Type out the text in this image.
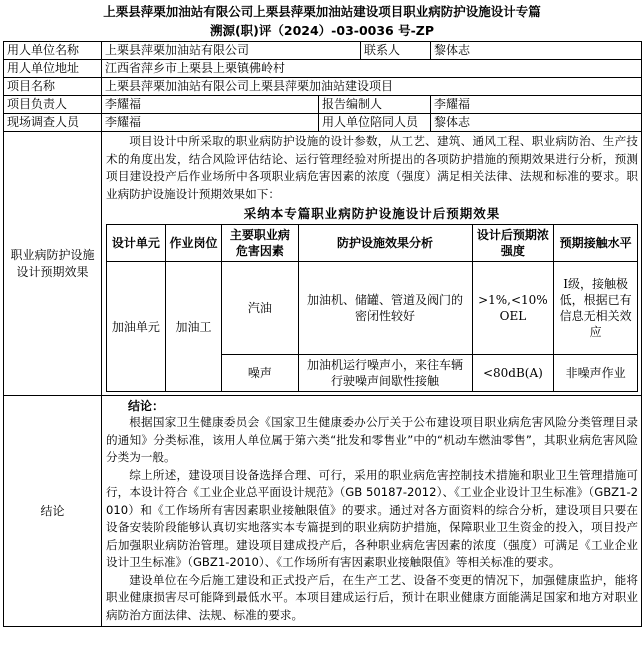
上栗县萍栗加油站有限公司上栗县萍栗加油站建设项目职业病防护设施设计专篇
溯源(职)评（2024）-03-0036 号-ZP
用人单位名称	上栗县萍栗加油站有限公司	联系人	黎体志
用人单位地址	江西省萍乡市上栗县上栗镇佛岭村
项目名称	上栗县萍栗加油站有限公司上栗县萍栗加油站建设项目
项目负责人	李耀福	报告编制人	李耀福
现场调查人员	李耀福	用人单位陪同人员	黎体志
职业病防护设施设计预期效果	

项目设计中所采取的职业病防护设施的设计参数，从工艺、建筑、通风工程、职业病防治、生产技术的角度出发，结合风险评估结论、运行管理经验对所提出的各项防护措施的预期效果进行分析，预测项目建设投产后作业场所中各项职业病危害因素的浓度（强度）满足相关法律、法规和标准的要求。职业病防护设施设计预期效果如下：

采纳本专篇职业病防护设施设计后预期效果
设计单元	作业岗位	主要职业病危害因素	防护设施效果分析	设计后预期浓强度	预期接触水平
加油单元	加油工	汽油	加油机、储罐、管道及阀门的密闭性较好	>1%,<10%OEL	I级，接触极低，根据已有信息无相关效应
噪声	加油机运行噪声小，来往车辆行驶噪声间歇性接触	<80dB(A)	非噪声作业

结论	
结论：

根据国家卫生健康委员会《国家卫生健康委办公厅关于公布建设项目职业病危害风险分类管理目录的通知》分类标准，该用人单位属于第六类“批发和零售业”中的“机动车燃油零售”，其职业病危害风险分类为一般。

综上所述，建设项目设备选择合理、可行，采用的职业病危害控制技术措施和职业卫生管理措施可行，本设计符合《工业企业总平面设计规范》（GB 50187-2012）、《工业企业设计卫生标准》（GBZ1-2010）和《工作场所有害因素职业接触限值》的要求。通过对各方面资料的综合分析，建设项目只要在设备安装阶段能够认真切实地落实本专篇提到的职业病防护措施，保障职业卫生资金的投入，项目投产后加强职业病防治管理。建设项目建成投产后，各种职业病危害因素的浓度（强度）可满足《工业企业设计卫生标准》（GBZ1-2010）、《工作场所有害因素职业接触限值》等相关标准的要求。

建设单位在今后施工建设和正式投产后，在生产工艺、设备不变更的情况下，加强健康监护，能将职业健康损害尽可能降到最低水平。本项目建成运行后，预计在职业健康方面能满足国家和地方对职业病防治方面法律、法规、标准的要求。
